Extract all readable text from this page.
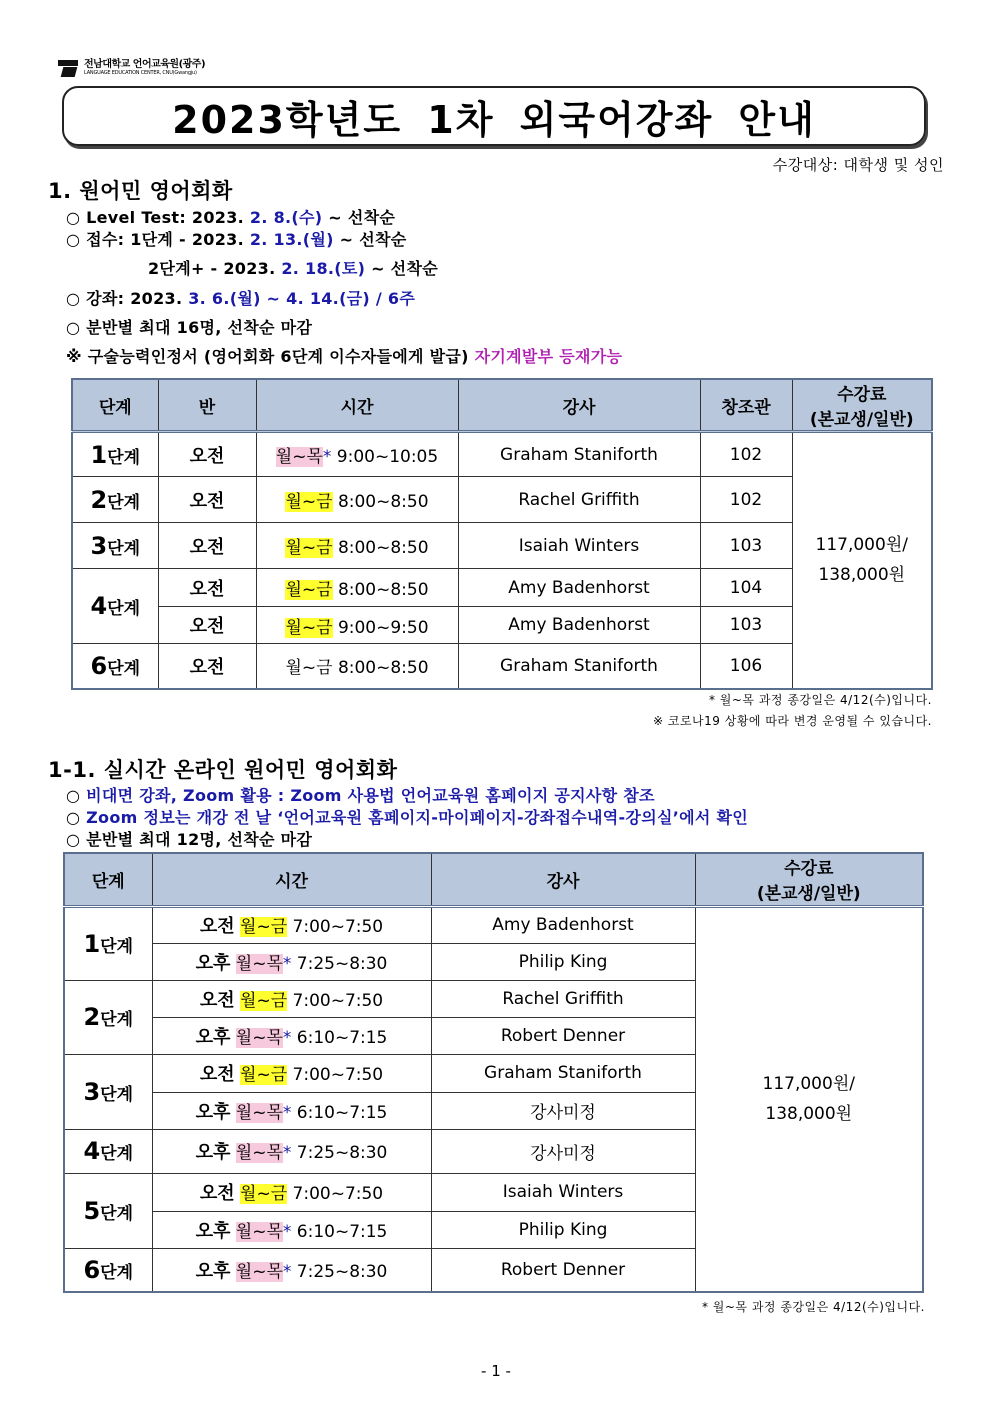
전남대학교 언어교육원(광주)
LANGUAGE EDUCATION CENTER, CNU(Gwangju)
2023학년도 1차 외국어강좌 안내
수강대상: 대학생 및 성인
1. 원어민 영어회화
○ Level Test: 2023. 2. 8.(수) ~ 선착순
○ 접수: 1단계 - 2023. 2. 13.(월) ~ 선착순
2단계+ - 2023. 2. 18.(토) ~ 선착순
○ 강좌: 2023. 3. 6.(월) ~ 4. 14.(금) / 6주
○ 분반별 최대 16명, 선착순 마감
※ 구술능력인정서 (영어회화 6단계 이수자들에게 발급) 자기계발부 등재가능
단계	반	시간	강사	창조관	수강료
(본교생/일반)

1단계	오전	월~목* 9:00~10:05	Graham Staniforth	102	117,000원/
138,000원

2단계	오전	월~금 8:00~8:50	Rachel Griffith	102	
3단계	오전	월~금 8:00~8:50	Isaiah Winters	103	
4단계	오전	월~금 8:00~8:50	Amy Badenhorst	104	
	오전	월~금 9:00~9:50	Amy Badenhorst	103	
6단계	오전	월~금 8:00~8:50	Graham Staniforth	106	
* 월~목 과정 종강일은 4/12(수)입니다.
※ 코로나19 상황에 따라 변경 운영될 수 있습니다.
1-1. 실시간 온라인 원어민 영어회화
○ 비대면 강좌, Zoom 활용 : Zoom 사용법 언어교육원 홈페이지 공지사항 참조
○ Zoom 정보는 개강 전 날 ‘언어교육원 홈페이지-마이페이지-강좌접수내역-강의실’에서 확인
○ 분반별 최대 12명, 선착순 마감
단계	시간	강사	수강료
(본교생/일반)

1단계	오전 월~금 7:00~7:50	Amy Badenhorst	117,000원/
138,000원

	오후 월~목* 7:25~8:30	Philip King	
2단계	오전 월~금 7:00~7:50	Rachel Griffith	
	오후 월~목* 6:10~7:15	Robert Denner	
3단계	오전 월~금 7:00~7:50	Graham Staniforth	
	오후 월~목* 6:10~7:15	강사미정	
4단계	오후 월~목* 7:25~8:30	강사미정	
5단계	오전 월~금 7:00~7:50	Isaiah Winters	
	오후 월~목* 6:10~7:15	Philip King	
6단계	오후 월~목* 7:25~8:30	Robert Denner	
* 월~목 과정 종강일은 4/12(수)입니다.
- 1 -
